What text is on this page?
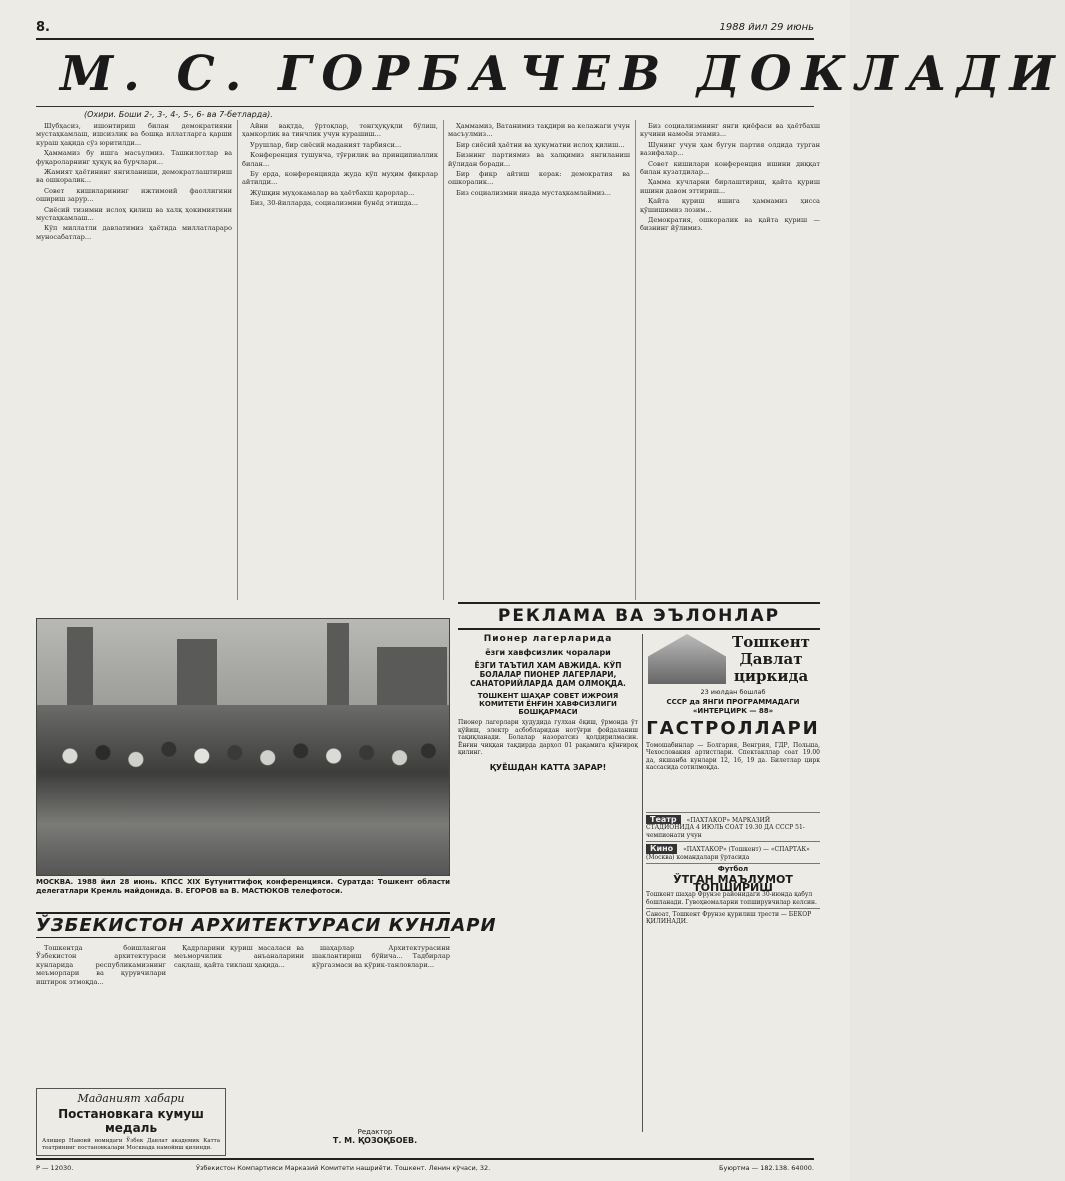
8.	1988 йил 29 июнь
М. С. ГОРБАЧЕВ ДОКЛАДИ
(Охири. Боши 2-, 3-, 4-, 5-, 6- ва 7-бетларда).

Шубҳасиз, ишонтириш билан демократияни мустаҳкамлаш, ишсизлик ва бошқа иллатларга қарши кураш ҳақида сўз юритилди...

Ҳаммамиз бу ишга масъулмиз. Ташкилотлар ва фуқароларнинг ҳуқуқ ва бурчлари...

Жамият ҳаётининг янгиланиши, демократлаштириш ва ошкоралик...

Совет кишиларининг ижтимоий фаоллигини ошириш зарур...

Сиёсий тизимни ислоҳ қилиш ва халқ ҳокимиятини мустаҳкамлаш...

Кўп миллатли давлатимиз ҳаётида миллатлараро муносабатлар...

Айни вақтда, ўртоқлар, тенгҳуқуқли бўлиш, ҳамкорлик ва тинчлик учун курашиш...

Урушлар, бир сиёсий маданият тарбияси...

Конференция тушунча, тўғрилик ва принципиаллик билан...

Бу ерда, конференцияда жуда кўп муҳим фикрлар айтилди...

Жўшқин муҳокамалар ва ҳаётбахш қарорлар...

Биз, 30-йилларда, социализмни бунёд этишда...

Ҳаммамиз, Ватанимиз тақдири ва келажаги учун масъулмиз...

Бир сиёсий ҳаётни ва ҳукуматни ислоҳ қилиш...

Бизнинг партиямиз ва халқимиз янгиланиш йўлидан боради...

Бир фикр айтиш керак: демократия ва ошкоралик...

Биз социализмни янада мустаҳкамлаймиз...

Биз социализмнинг янги қиёфаси ва ҳаётбахш кучини намоён этамиз...

Шунинг учун ҳам бугун партия олдида турган вазифалар...

Совет кишилари конференция ишини диққат билан кузатдилар...

Ҳамма кучларни бирлаштириш, қайта қуриш ишини давом эттириш...

Қайта қуриш ишига ҳаммамиз ҳисса қўшишимиз лозим...

Демократия, ошкоралик ва қайта қуриш — бизнинг йўлимиз.

МОСКВА. 1988 йил 28 июнь. КПСС ХIХ Бутуниттифоқ конференцияси. Суратда: Тошкент области делегатлари Кремль майдонида. В. ЕГОРОВ ва В. МАСТЮКОВ телефотоси.
ЎЗБЕКИСТОН АРХИТЕКТУРАСИ КУНЛАРИ

Тошкентда боишланган Ўзбекистон архитектураси кунларида республикамизнинг меъморлари ва қурувчилари иштирок этмоқда...

Қадрларини қуриш масаласи ва меъморчилик анъаналарини сақлаш, қайта тиклаш ҳақида...

шаҳарлар Архитектурасини шаклантириш бўйича... Тадбирлар кўргазмаси ва кўрик-танловлари...

Маданият хабари
Постановкага кумуш медаль
Алишер Навоий номидаги Ўзбек Давлат академик Катта театрининг постановкалари Москвада намойиш қилинди.
Редактор
Т. М. ҚОЗОҚБОЕВ.
РЕКЛАМА ВА ЭЪЛОНЛАР
Пионер лагерларида
ёзги хавфсизлик чоралари
ЁЗГИ ТАЪТИЛ ХАМ АВЖИДА. КЎП БОЛАЛАР ПИОНЕР ЛАГЕРЛАРИ, САНАТОРИЙЛАРДА ДАМ ОЛМОҚДА.
ТОШКЕНТ ШАҲАР СОВЕТ ИЖРОИЯ КОМИТЕТИ ЁНҒИН ХАВФСИЗЛИГИ БОШҚАРМАСИ
Пионер лагерлари ҳудудида гулхан ёқиш, ўрмонда ўт қўйиш, электр асбобларидан нотўғри фойдаланиш тақиқланади. Болалар назоратсиз қолдирилмасин. Ёнғин чиққан тақдирда дарҳол 01 рақамига қўнғироқ қилинг.
ҚУЁШДАН КАТТА ЗАРАР!
Тошкент Давлат циркида
23 июлдан бошлаб
СССР да ЯНГИ ПРОГРАММАДАГИ «ИНТЕРЦИРК — 88»
ГАСТРОЛЛАРИ
Томошабинлар — Болгария, Венгрия, ГДР, Польша, Чехословакия артистлари. Спектакллар соат 19.00 да, якшанба кунлари 12, 16, 19 да. Билетлар цирк кассасида сотилмоқда.
Театр «ПАХТАКОР» МАРКАЗИЙ СТАДИОНИДА 4 ИЮЛЬ СОАТ 19.30 ДА СССР 51-чемпионати учун
Кино «ПАХТАКОР» (Тошкент) — «СПАРТАК» (Москва) командалари ўртасида
Футбол
ЎТГАН МАЪЛУМОТ ТОПШИРИШ
Тошкент шаҳар Фрунзе районидаги 30-июнда қабул бошланади. Гувоҳномаларни топширувчилар келсин.
Саноат, Тошкент Фрунзе қурилиш трести — БЕКОР ҚИЛИНАДИ.
Р — 12030.	Ўзбекистон Компартияси Марказий Комитети нашриёти. Тошкент. Ленин кўчаси, 32.	Буюртма — 182.138. 64000.
